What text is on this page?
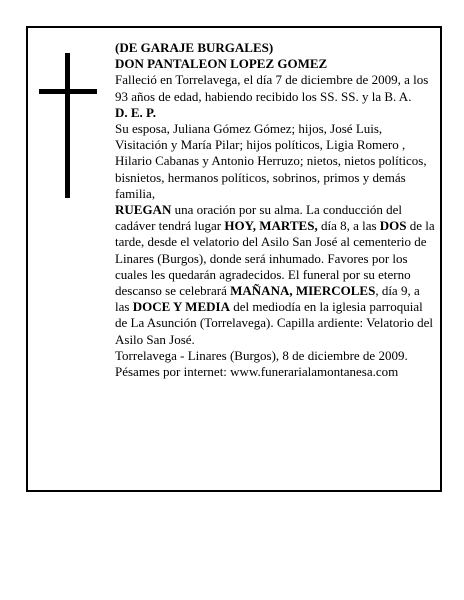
(DE GARAJE BURGALES)

DON PANTALEON LOPEZ GOMEZ

Falleció en Torrelavega, el día 7 de diciembre de 2009, a los 93 años de edad, habiendo recibido los SS. SS. y la B. A.

D. E. P.

Su esposa, Juliana Gómez Gómez; hijos, José Luis, Visitación y María Pilar; hijos políticos, Ligia Romero , Hilario Cabanas y Antonio Herruzo; nietos, nietos políticos, bisnietos, hermanos políticos, sobrinos, primos y demás familia,

RUEGAN una oración por su alma. La conducción del cadáver tendrá lugar HOY, MARTES, día 8, a las DOS de la tarde, desde el velatorio del Asilo San José al cementerio de Linares (Burgos), donde será inhumado. Favores por los cuales les quedarán agradecidos. El funeral por su eterno descanso se celebrará MAÑANA, MIERCOLES, día 9, a las DOCE Y MEDIA del mediodía en la iglesia parroquial de La Asunción (Torrelavega). Capilla ardiente: Velatorio del Asilo San José.

Torrelavega - Linares (Burgos), 8 de diciembre de 2009.

Pésames por internet: www.funerarialamontanesa.com
